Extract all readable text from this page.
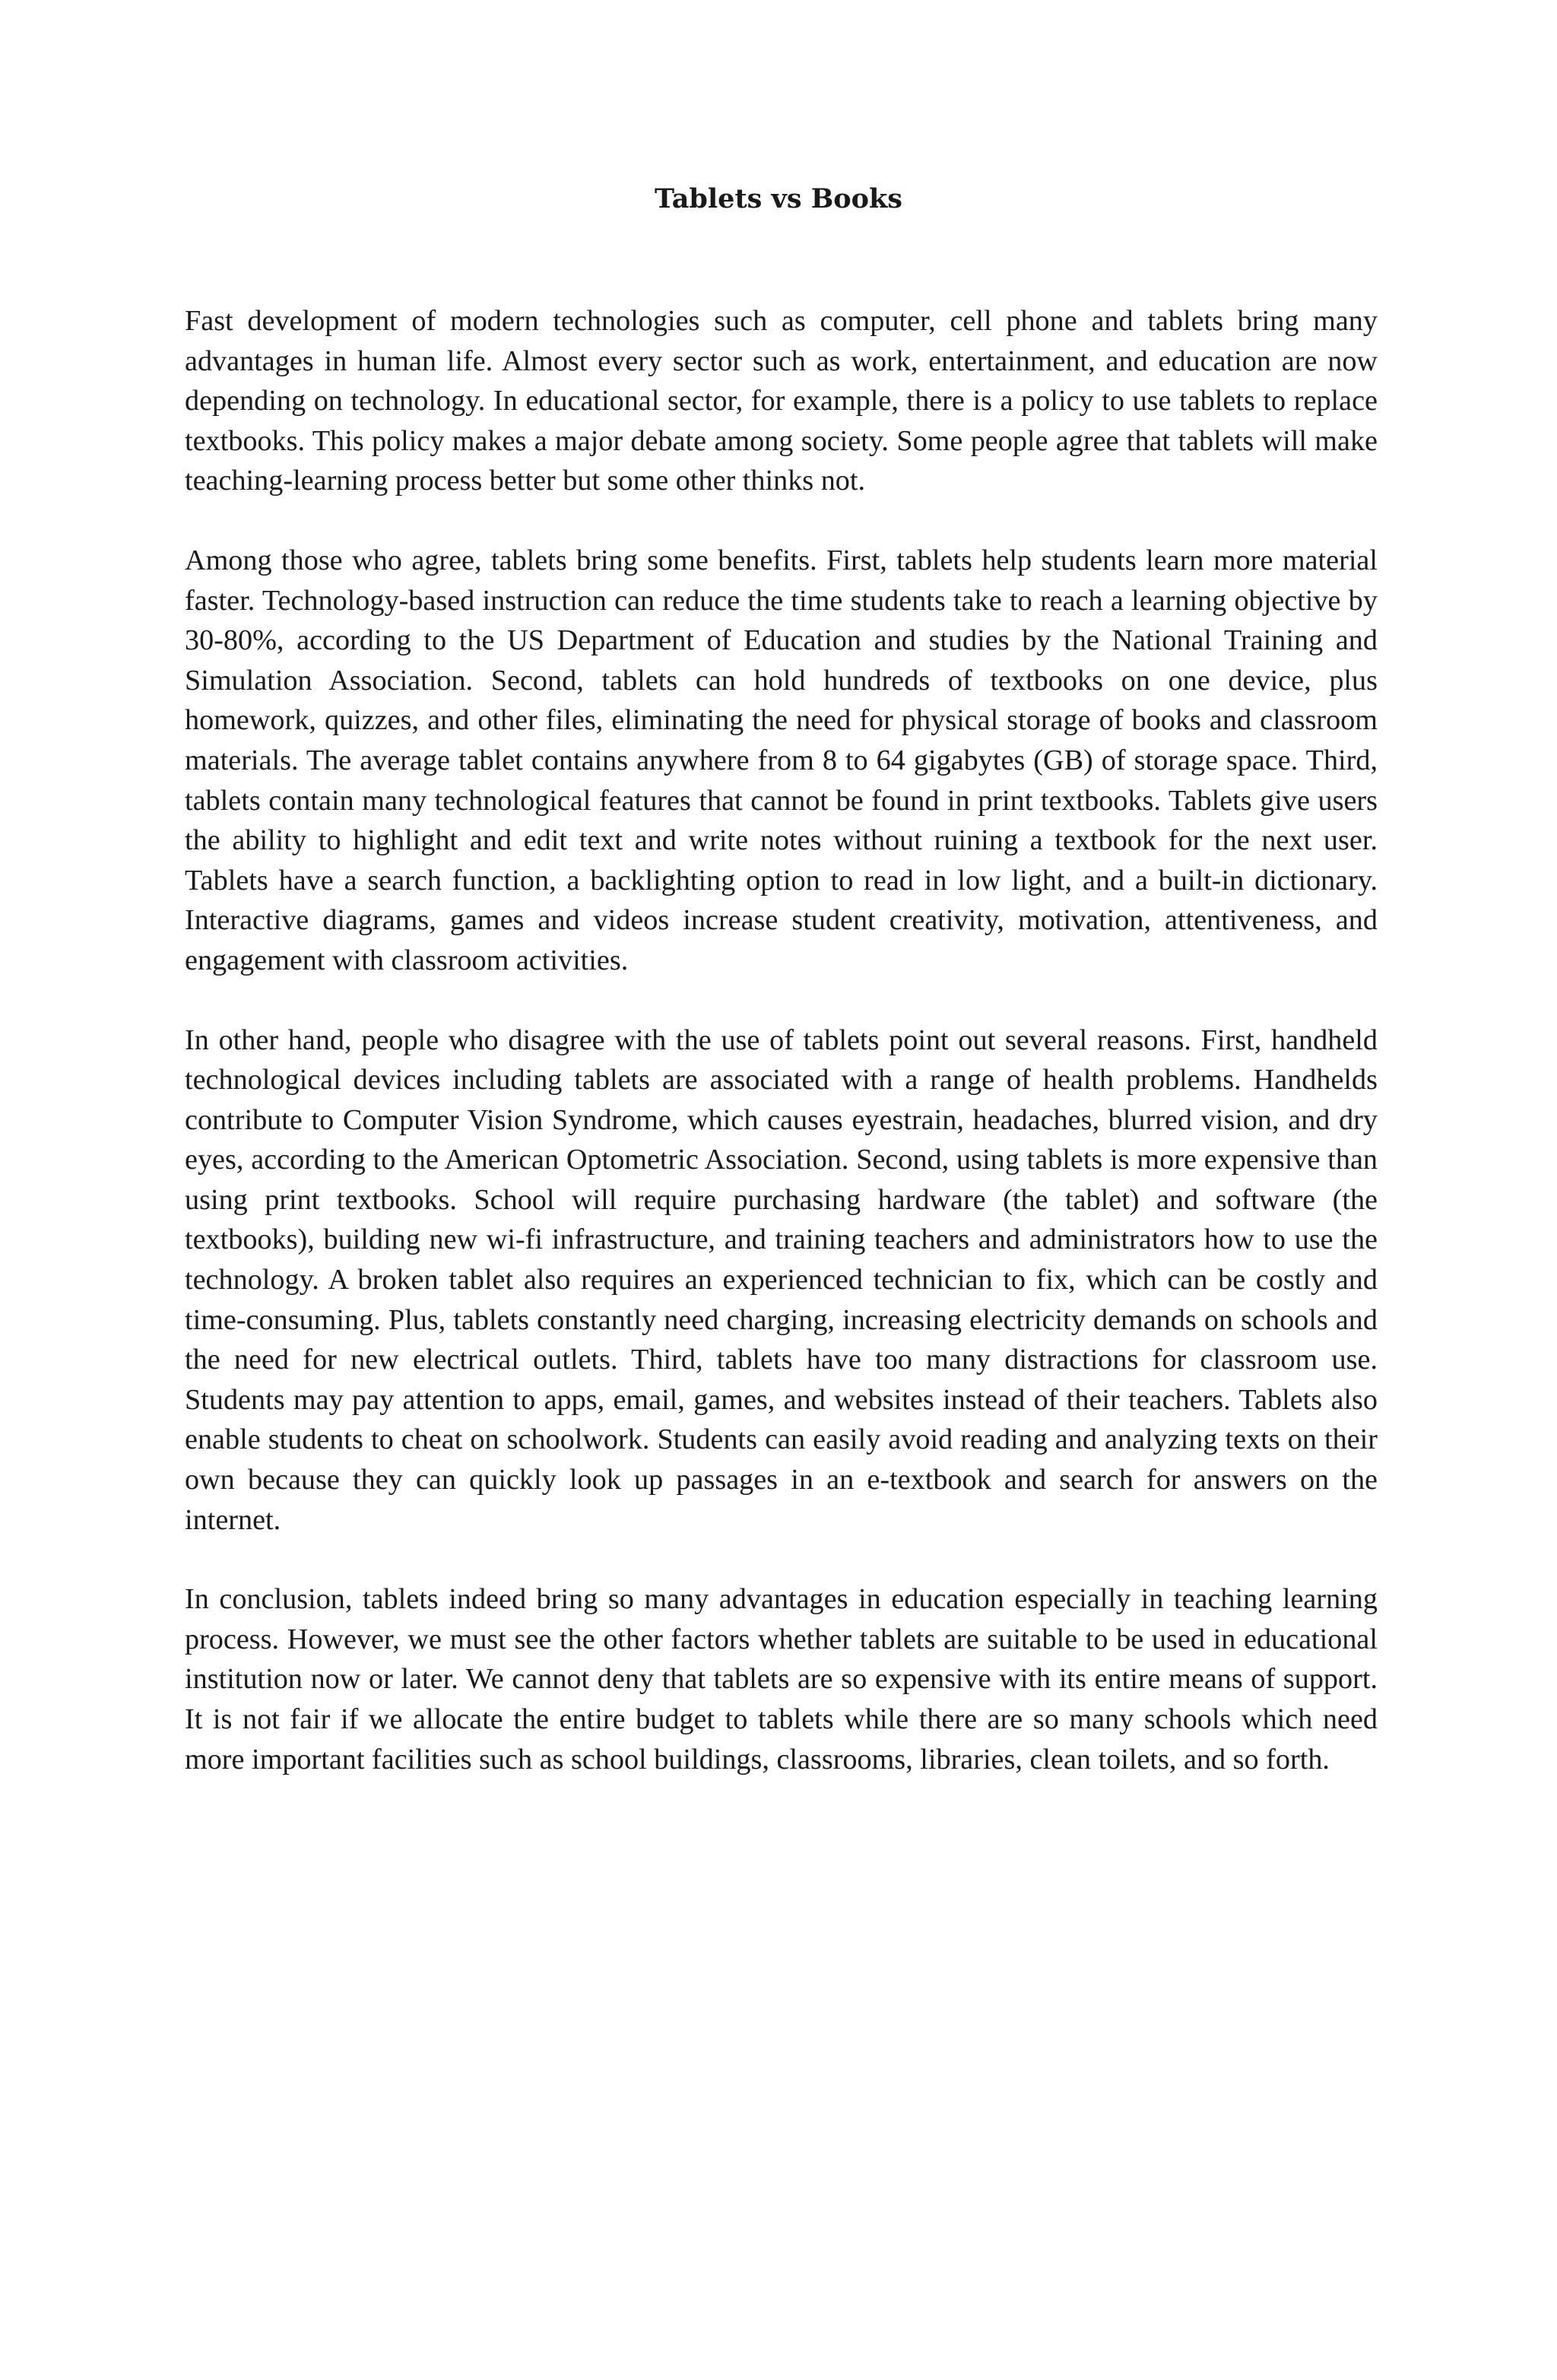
Tablets vs Books

Fast development of modern technologies such as computer, cell phone and tablets bring many advantages in human life. Almost every sector such as work, entertainment, and education are now depending on technology. In educational sector, for example, there is a policy to use tablets to replace textbooks. This policy makes a major debate among society. Some people agree that tablets will make teaching-learning process better but some other thinks not.

Among those who agree, tablets bring some benefits. First, tablets help students learn more material faster. Technology-based instruction can reduce the time students take to reach a learning objective by 30-80%, according to the US Department of Education and studies by the National Training and Simulation Association. Second, tablets can hold hundreds of textbooks on one device, plus homework, quizzes, and other files, eliminating the need for physical storage of books and classroom materials. The average tablet contains anywhere from 8 to 64 gigabytes (GB) of storage space. Third, tablets contain many technological features that cannot be found in print textbooks. Tablets give users the ability to highlight and edit text and write notes without ruining a textbook for the next user. Tablets have a search function, a backlighting option to read in low light, and a built-in dictionary. Interactive diagrams, games and videos increase student creativity, motivation, attentiveness, and engagement with classroom activities.

In other hand, people who disagree with the use of tablets point out several reasons. First, handheld technological devices including tablets are associated with a range of health problems. Handhelds contribute to Computer Vision Syndrome, which causes eyestrain, headaches, blurred vision, and dry eyes, according to the American Optometric Association. Second, using tablets is more expensive than using print textbooks. School will require purchasing hardware (the tablet) and software (the textbooks), building new wi-fi infrastructure, and training teachers and administrators how to use the technology. A broken tablet also requires an experienced technician to fix, which can be costly and time-consuming. Plus, tablets constantly need charging, increasing electricity demands on schools and the need for new electrical outlets. Third, tablets have too many distractions for classroom use. Students may pay attention to apps, email, games, and websites instead of their teachers. Tablets also enable students to cheat on schoolwork. Students can easily avoid reading and analyzing texts on their own because they can quickly look up passages in an e-textbook and search for answers on the internet.

In conclusion, tablets indeed bring so many advantages in education especially in teaching learning process. However, we must see the other factors whether tablets are suitable to be used in educational institution now or later. We cannot deny that tablets are so expensive with its entire means of support. It is not fair if we allocate the entire budget to tablets while there are so many schools which need more important facilities such as school buildings, classrooms, libraries, clean toilets, and so forth.
